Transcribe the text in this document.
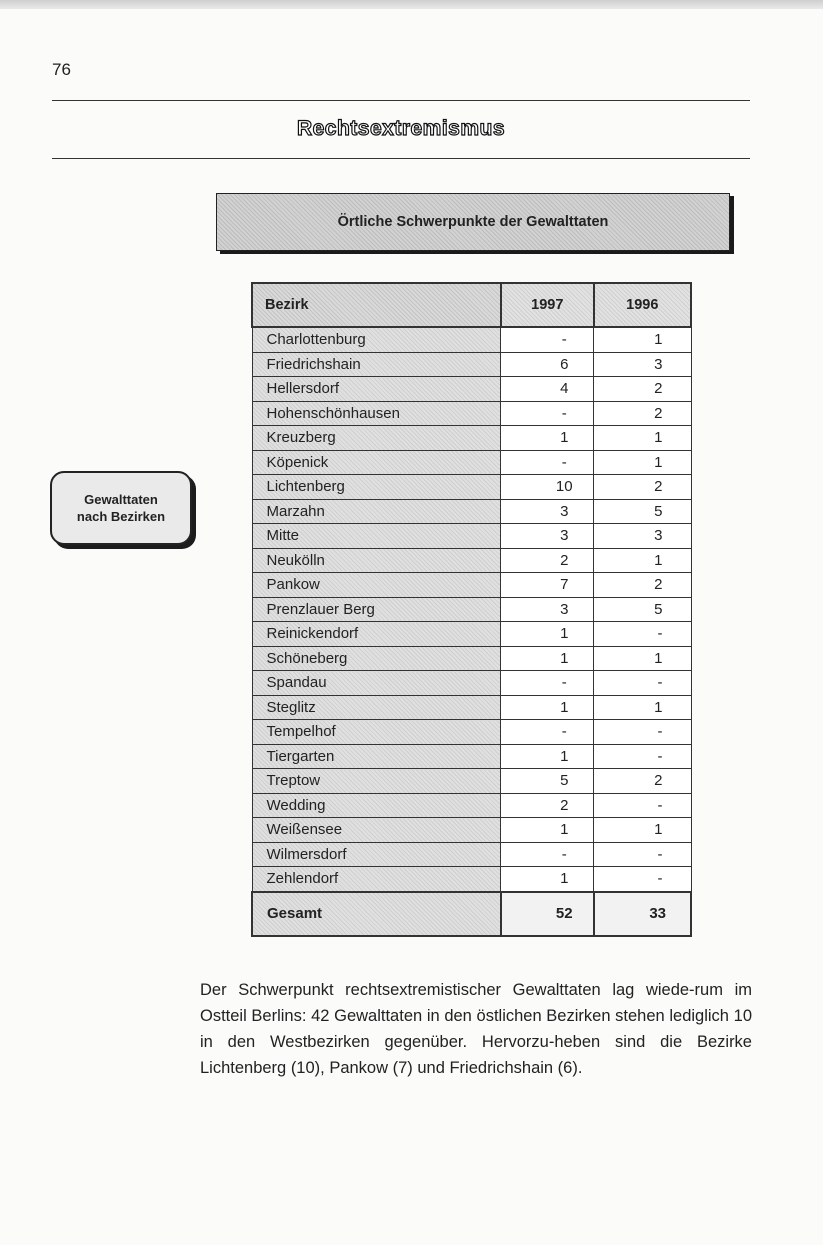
76
Rechtsextremismus
Örtliche Schwerpunkte der Gewalttaten
Gewalttaten
nach Bezirken
Bezirk	1997	1996
Charlottenburg	-	1
Friedrichshain	6	3
Hellersdorf	4	2
Hohenschönhausen	-	2
Kreuzberg	1	1
Köpenick	-	1
Lichtenberg	10	2
Marzahn	3	5
Mitte	3	3
Neukölln	2	1
Pankow	7	2
Prenzlauer Berg	3	5
Reinickendorf	1	-
Schöneberg	1	1
Spandau	-	-
Steglitz	1	1
Tempelhof	-	-
Tiergarten	1	-
Treptow	5	2
Wedding	2	-
Weißensee	1	1
Wilmersdorf	-	-
Zehlendorf	1	-
Gesamt	52	33

Der Schwerpunkt rechtsextremistischer Gewalttaten lag wiede-rum im Ostteil Berlins: 42 Gewalttaten in den östlichen Bezirken stehen lediglich 10 in den Westbezirken gegenüber. Hervorzu-heben sind die Bezirke Lichtenberg (10), Pankow (7) und Friedrichshain (6).
